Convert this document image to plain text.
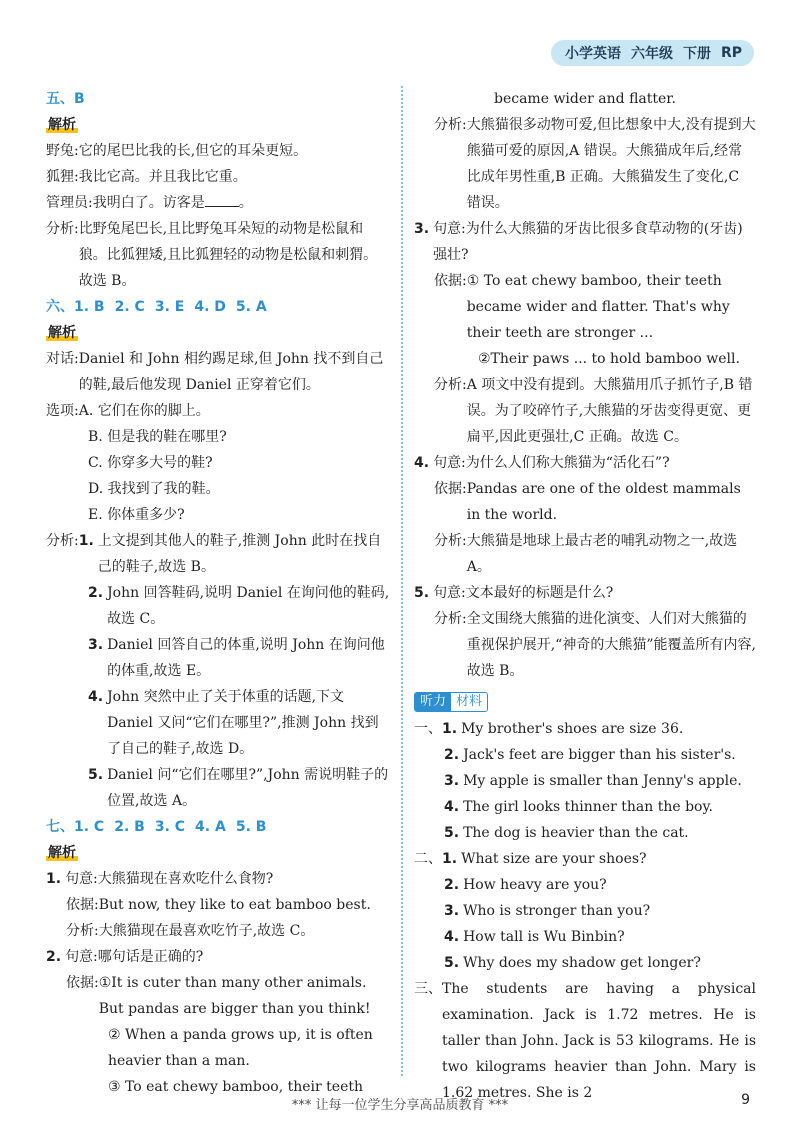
小学英语 六年级 下册 RP
五、B
解析
野兔: 它的尾巴比我的长,但它的耳朵更短。
狐狸: 我比它高。并且我比它重。
管理员: 我明白了。访客是 。
分析: 比野兔尾巴长,且比野兔耳朵短的动物是松鼠和狼。比狐狸矮,且比狐狸轻的动物是松鼠和刺猬。故选 B。
六、1. B 2. C 3. E 4. D 5. A
解析
对话: Daniel 和 John 相约踢足球,但 John 找不到自己的鞋,最后他发现 Daniel 正穿着它们。
选项: A. 它们在你的脚上。
B. 但是我的鞋在哪里?
C. 你穿多大号的鞋?
D. 我找到了我的鞋。
E. 你体重多少?
分析: 1. 上文提到其他人的鞋子,推测 John 此时在找自己的鞋子,故选 B。
2. John 回答鞋码,说明 Daniel 在询问他的鞋码,故选 C。
3. Daniel 回答自己的体重,说明 John 在询问他的体重,故选 E。
4. John 突然中止了关于体重的话题,下文 Daniel 又问“它们在哪里?”,推测 John 找到了自己的鞋子,故选 D。
5. Daniel 问“它们在哪里?”,John 需说明鞋子的位置,故选 A。
七、1. C 2. B 3. C 4. A 5. B
解析
1. 句意:大熊猫现在喜欢吃什么食物?
依据:But now, they like to eat bamboo best.
分析:大熊猫现在最喜欢吃竹子,故选 C。
2. 句意:哪句话是正确的?
依据: ①It is cuter than many other animals. But pandas are bigger than you think!
② When a panda grows up, it is often heavier than a man.
③ To eat chewy bamboo, their teeth
became wider and flatter.
分析: 大熊猫很多动物可爱,但比想象中大,没有提到大熊猫可爱的原因,A 错误。大熊猫成年后,经常比成年男性重,B 正确。大熊猫发生了变化,C 错误。
3. 句意:为什么大熊猫的牙齿比很多食草动物的(牙齿)强壮?
依据: ① To eat chewy bamboo, their teeth became wider and flatter. That's why their teeth are stronger ...
②Their paws ... to hold bamboo well.
分析: A 项文中没有提到。大熊猫用爪子抓竹子,B 错误。为了咬碎竹子,大熊猫的牙齿变得更宽、更扁平,因此更强壮,C 正确。故选 C。
4. 句意:为什么人们称大熊猫为“活化石”?
依据: Pandas are one of the oldest mammals in the world.
分析: 大熊猫是地球上最古老的哺乳动物之一,故选 A。
5. 句意:文本最好的标题是什么?
分析: 全文围绕大熊猫的进化演变、人们对大熊猫的重视保护展开,“神奇的大熊猫”能覆盖所有内容,故选 B。
听力 材料
一、 1. My brother's shoes are size 36.
2. Jack's feet are bigger than his sister's.
3. My apple is smaller than Jenny's apple.
4. The girl looks thinner than the boy.
5. The dog is heavier than the cat.
二、 1. What size are your shoes?
2. How heavy are you?
3. Who is stronger than you?
4. How tall is Wu Binbin?
5. Why does my shadow get longer?
三、 The students are having a physical examination. Jack is 1.72 metres. He is taller than John. Jack is 53 kilograms. He is two kilograms heavier than John. Mary is 1.62 metres. She is 2
*** 让每一位学生分享高品质教育 ***	9
